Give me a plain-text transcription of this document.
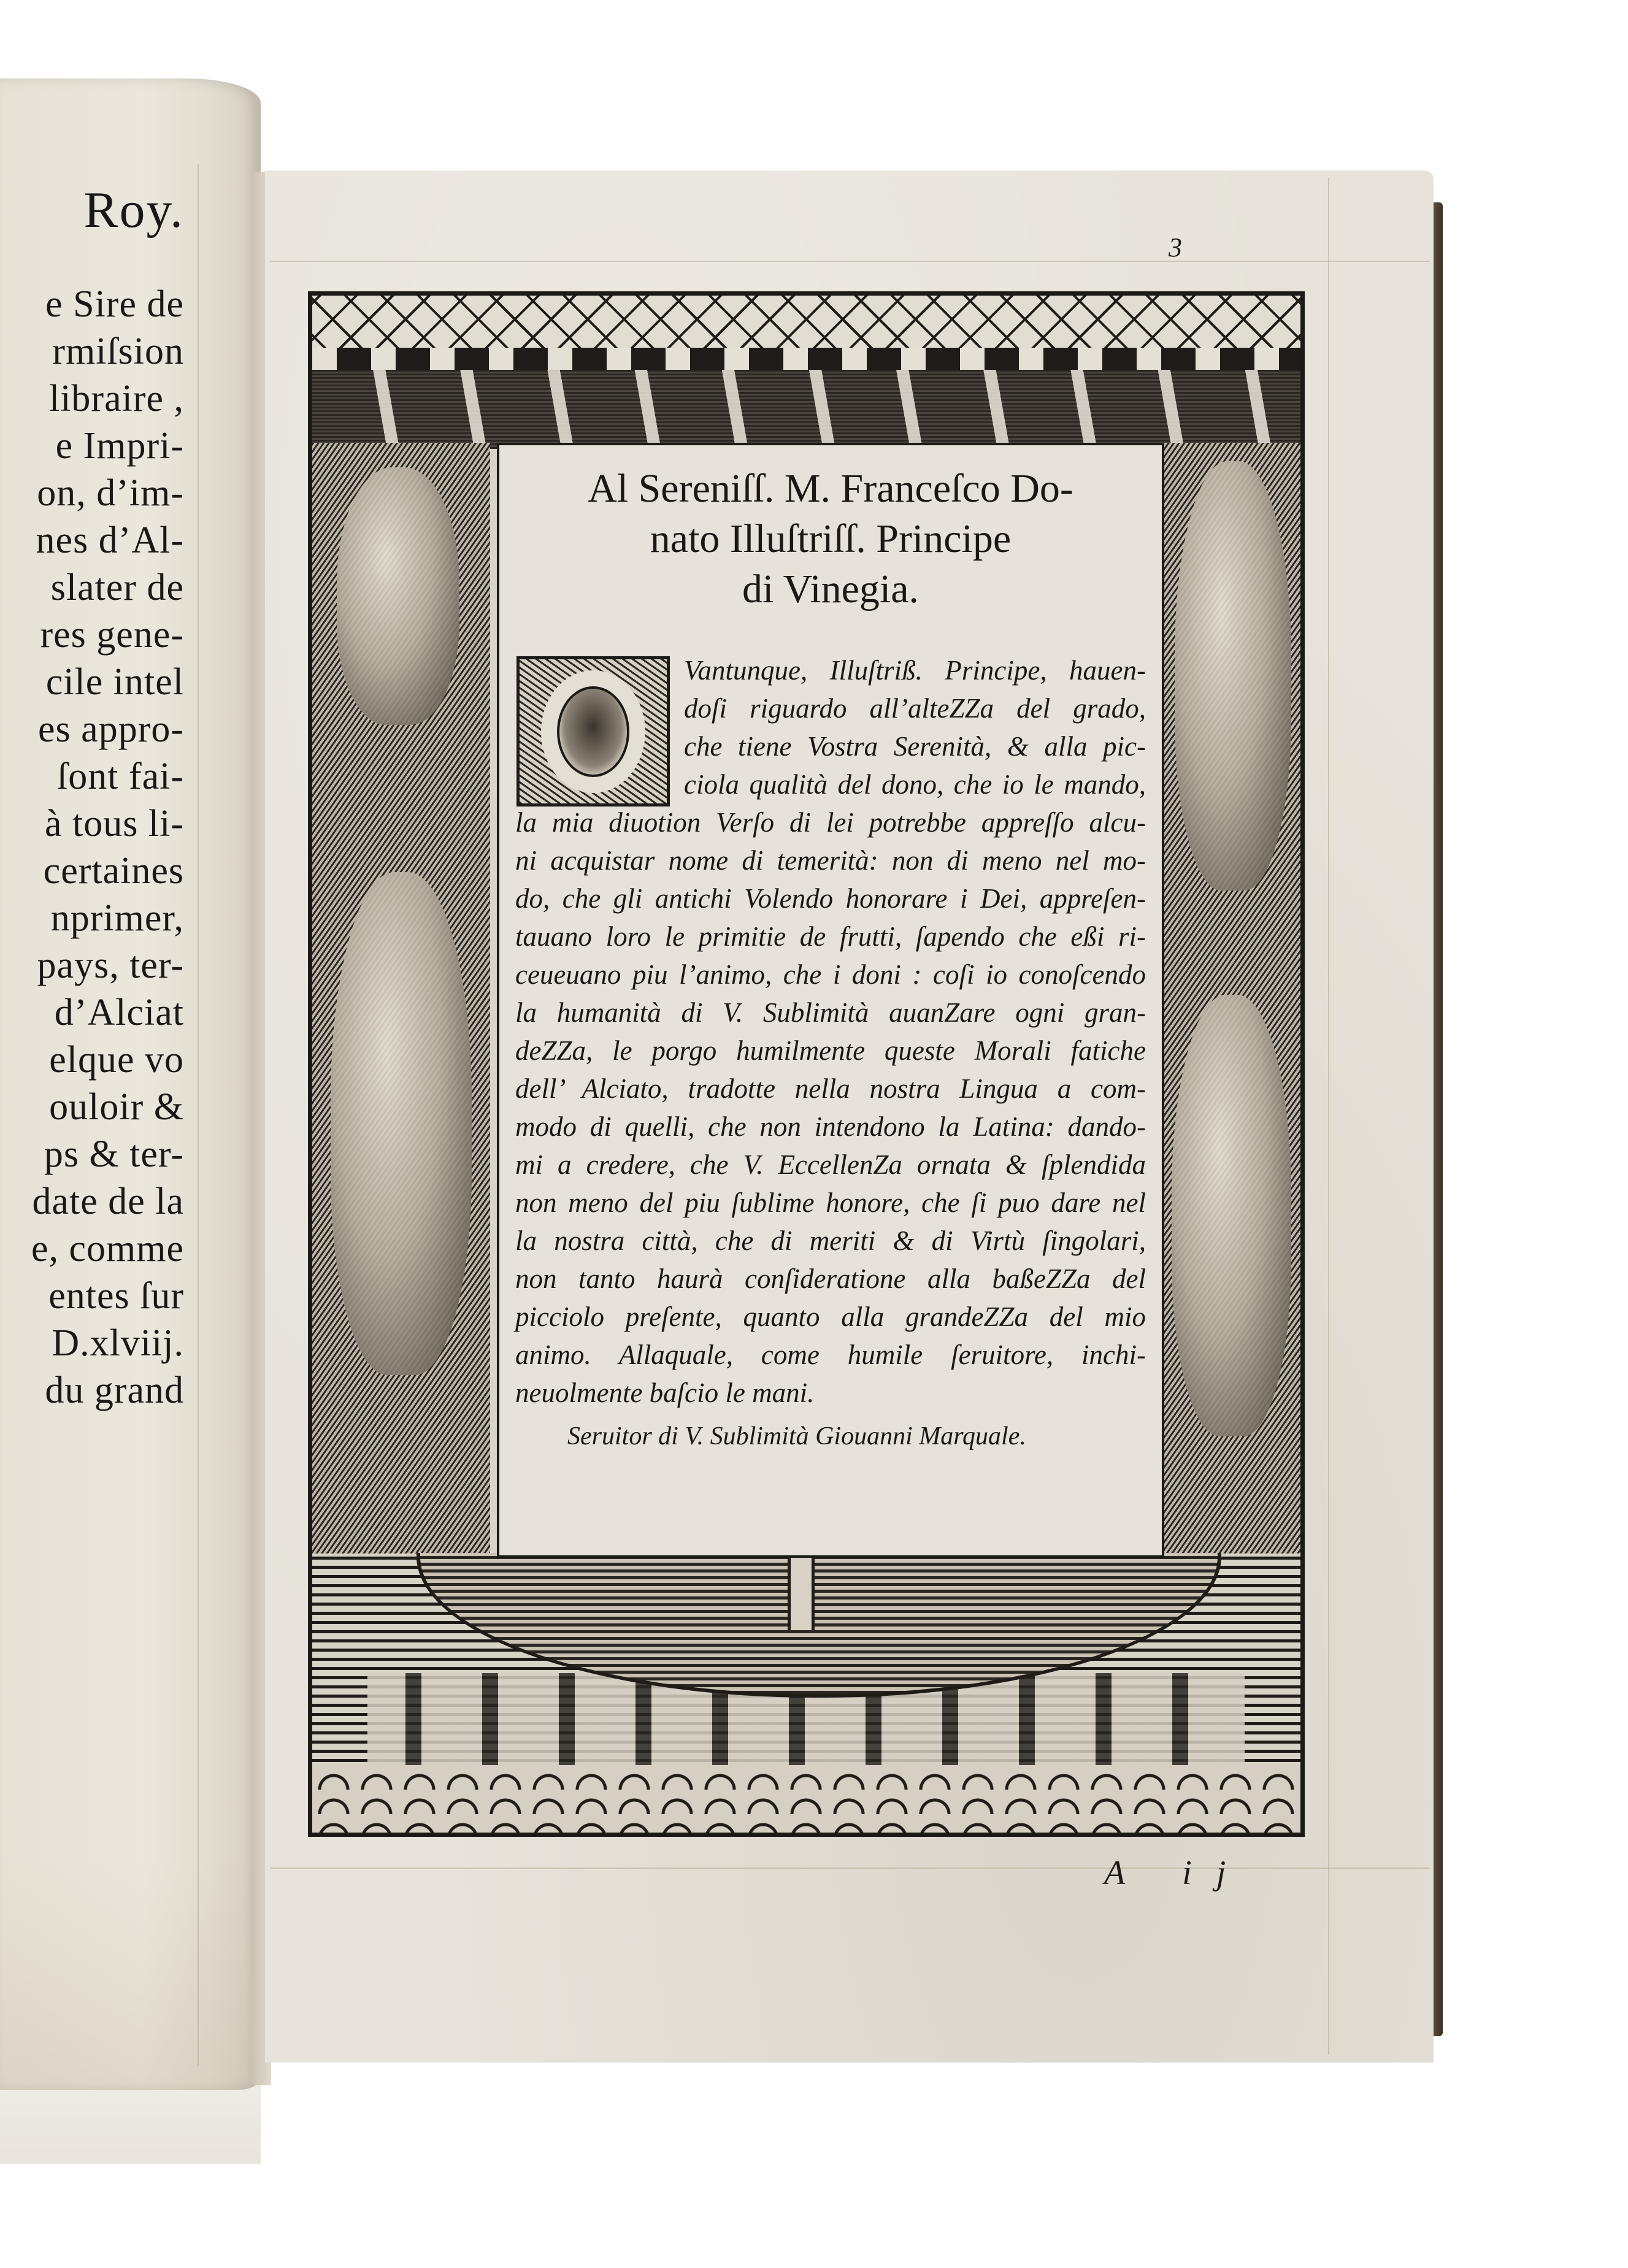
Roy.
e Sire de
rmiſsion
libraire ,
e Impri-
on, d’im-
nes d’Al-
slater de
res gene-
cile intel
es appro-
ſont fai-
à tous li-
certaines
nprimer,
pays, ter-
d’Alciat
elque vo
ouloir &
ps & ter-
date de la
e, comme
entes ſur
D.xlviij.
du grand
3
Al Sereniſſ. M. Franceſco Do-
nato Illuſtriſſ. Principe
di Vinegia.
Vantunque, Illuſtriß. Principe, hauen-
doſi riguardo all’alteZZa del grado,
che tiene Vostra Serenità, & alla pic-
ciola qualità del dono, che io le mando,
la mia diuotion Verſo di lei potrebbe appreſſo alcu-
ni acquistar nome di temerità: non di meno nel mo-
do, che gli antichi Volendo honorare i Dei, appreſen-
tauano loro le primitie de frutti, ſapendo che eßi ri-
ceueuano piu l’animo, che i doni : coſi io conoſcendo
la humanità di V. Sublimità auanZare ogni gran-
deZZa, le porgo humilmente queste Morali fatiche
dell’ Alciato, tradotte nella nostra Lingua a com-
modo di quelli, che non intendono la Latina: dando-
mi a credere, che V. EccellenZa ornata & ſplendida
non meno del piu ſublime honore, che ſi puo dare nel
la nostra città, che di meriti & di Virtù ſingolari,
non tanto haurà conſideratione alla baßeZZa del
picciolo preſente, quanto alla grandeZZa del mio
animo. Allaquale, come humile ſeruitore, inchi-
neuolmente baſcio le mani.
Seruitor di V. Sublimità Giouanni Marquale.
A ij
